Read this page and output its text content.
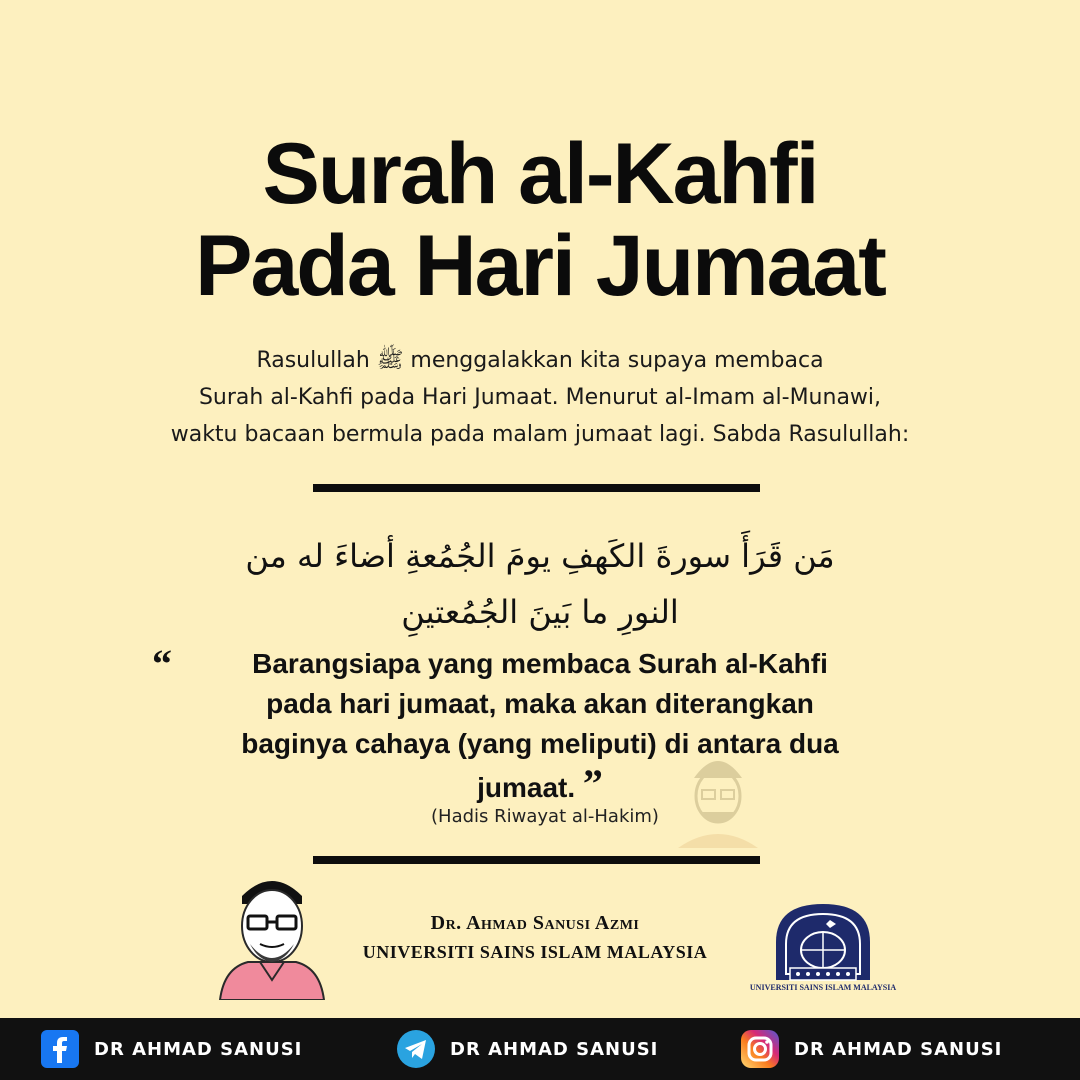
Surah al-Kahfi
Pada Hari Jumaat
Rasulullah ﷺ menggalakkan kita supaya membaca
Surah al-Kahfi pada Hari Jumaat. Menurut al-Imam al-Munawi,
waktu bacaan bermula pada malam jumaat lagi. Sabda Rasulullah:
مَن قَرَأَ سورةَ الكَهفِ يومَ الجُمُعةِ أضاءَ له من
النورِ ما بَينَ الجُمُعتينِ
“	Barangsiapa yang membaca Surah al-Kahfi
pada hari jumaat, maka akan diterangkan
baginya cahaya (yang meliputi) di antara dua
jumaat. ”
(Hadis Riwayat al-Hakim)
Dr. Ahmad Sanusi Azmi
UNIVERSITI SAINS ISLAM MALAYSIA
UNIVERSITI SAINS ISLAM MALAYSIA
DR AHMAD SANUSI	DR AHMAD SANUSI	DR AHMAD SANUSI
